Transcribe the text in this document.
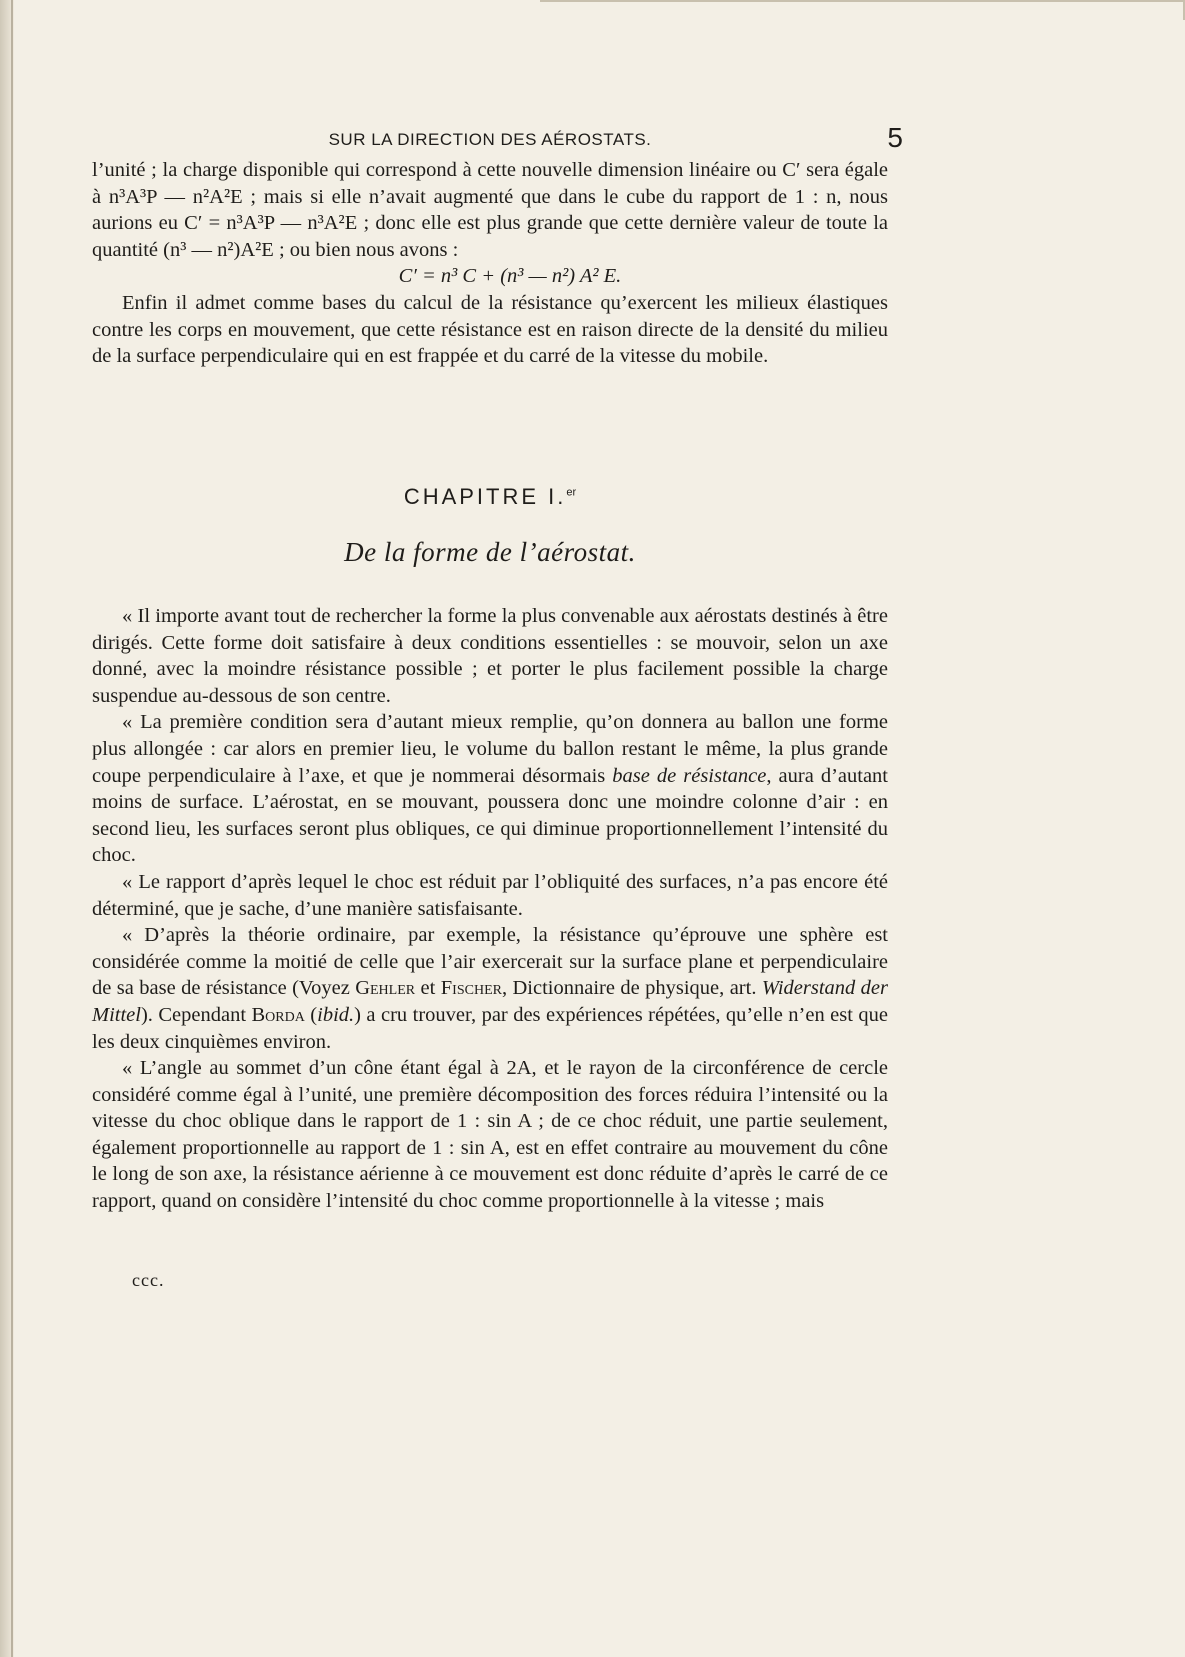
SUR LA DIRECTION DES AÉROSTATS.	5

l’unité ; la charge disponible qui correspond à cette nouvelle dimension linéaire ou C′ sera égale à n³A³P — n²A²E ; mais si elle n’avait augmenté que dans le cube du rapport de 1 : n, nous aurions eu C′ = n³A³P — n³A²E ; donc elle est plus grande que cette dernière valeur de toute la quantité (n³ — n²)A²E ; ou bien nous avons :

C′ = n³ C + (n³ — n²) A² E.

Enfin il admet comme bases du calcul de la résistance qu’exercent les milieux élastiques contre les corps en mouvement, que cette résistance est en raison directe de la densité du milieu de la surface perpendiculaire qui en est frappée et du carré de la vitesse du mobile.

CHAPITRE I.$^{er}$
De la forme de l’aérostat.

« Il importe avant tout de rechercher la forme la plus convenable aux aérostats destinés à être dirigés. Cette forme doit satisfaire à deux conditions essentielles : se mouvoir, selon un axe donné, avec la moindre résistance possible ; et porter le plus facilement possible la charge suspendue au-dessous de son centre.

« La première condition sera d’autant mieux remplie, qu’on donnera au ballon une forme plus allongée : car alors en premier lieu, le volume du ballon restant le même, la plus grande coupe perpendiculaire à l’axe, et que je nommerai désormais base de résistance, aura d’autant moins de surface. L’aérostat, en se mouvant, poussera donc une moindre colonne d’air : en second lieu, les surfaces seront plus obliques, ce qui diminue proportionnellement l’intensité du choc.

« Le rapport d’après lequel le choc est réduit par l’obliquité des surfaces, n’a pas encore été déterminé, que je sache, d’une manière satisfaisante.

« D’après la théorie ordinaire, par exemple, la résistance qu’éprouve une sphère est considérée comme la moitié de celle que l’air exercerait sur la surface plane et perpendiculaire de sa base de résistance (Voyez Gehler et Fischer, Dictionnaire de physique, art. Widerstand der Mittel). Cependant Borda (ibid.) a cru trouver, par des expériences répétées, qu’elle n’en est que les deux cinquièmes environ.

« L’angle au sommet d’un cône étant égal à 2A, et le rayon de la circonférence de cercle considéré comme égal à l’unité, une première décomposition des forces réduira l’intensité ou la vitesse du choc oblique dans le rapport de 1 : sin A ; de ce choc réduit, une partie seulement, également proportionnelle au rapport de 1 : sin A, est en effet contraire au mouvement du cône le long de son axe, la résistance aérienne à ce mouvement est donc réduite d’après le carré de ce rapport, quand on considère l’intensité du choc comme proportionnelle à la vitesse ; mais

ccc.
